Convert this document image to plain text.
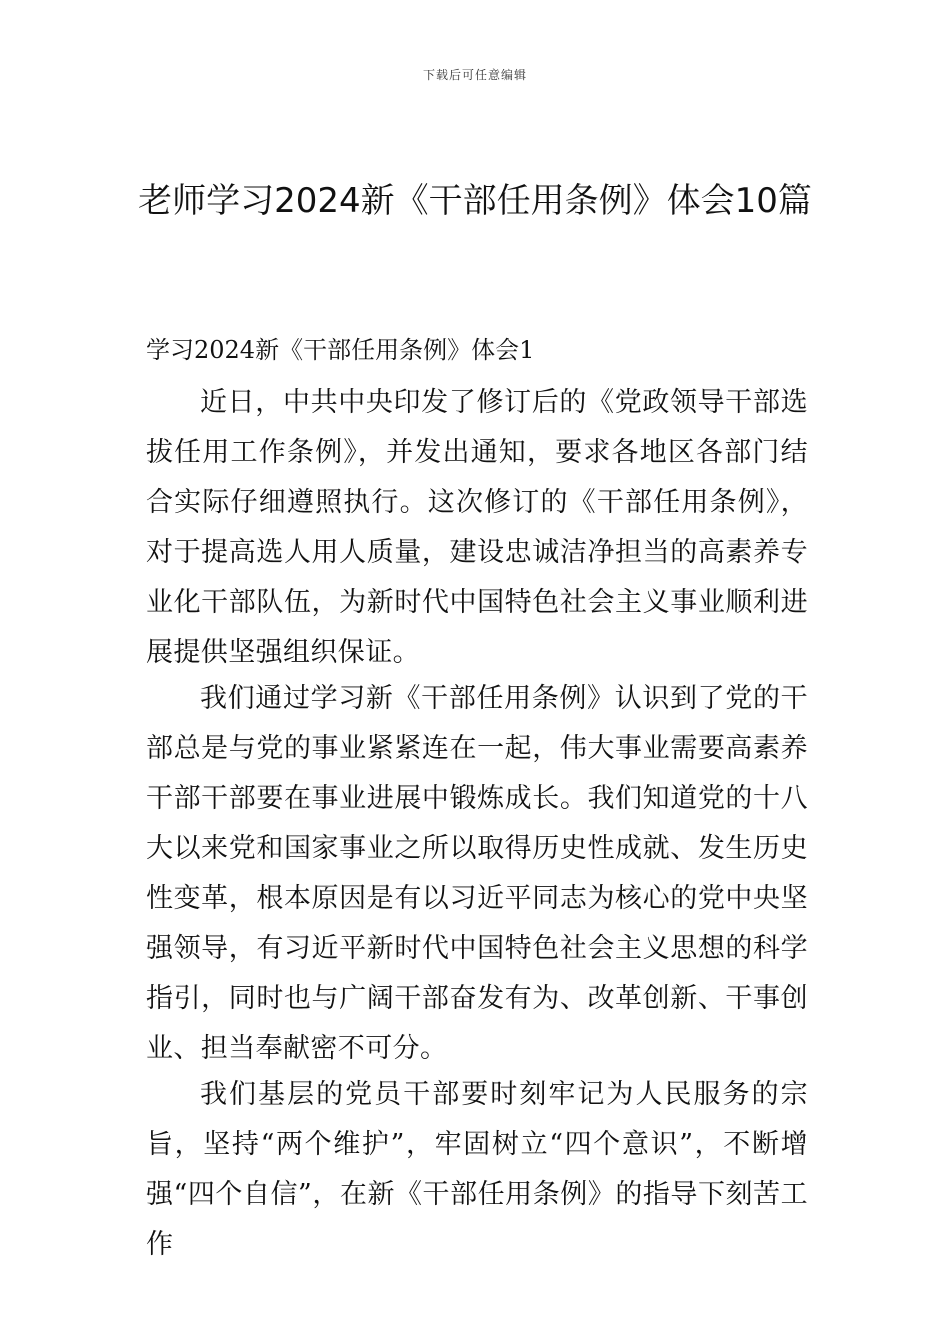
下载后可任意编辑
老师学习2024新《干部任用条例》体会10篇
学习2024新《干部任用条例》体会1

近日，中共中央印发了修订后的《党政领导干部选拔任用工作条例》，并发出通知，要求各地区各部门结合实际仔细遵照执行。这次修订的《干部任用条例》，对于提高选人用人质量，建设忠诚洁净担当的高素养专业化干部队伍，为新时代中国特色社会主义事业顺利进展提供坚强组织保证。

我们通过学习新《干部任用条例》认识到了党的干部总是与党的事业紧紧连在一起，伟大事业需要高素养干部干部要在事业进展中锻炼成长。我们知道党的十八大以来党和国家事业之所以取得历史性成就、发生历史性变革，根本原因是有以习近平同志为核心的党中央坚强领导，有习近平新时代中国特色社会主义思想的科学指引，同时也与广阔干部奋发有为、改革创新、干事创业、担当奉献密不可分。

我们基层的党员干部要时刻牢记为人民服务的宗旨，坚持“两个维护”，牢固树立“四个意识”，不断增强“四个自信”，在新《干部任用条例》的指导下刻苦工作
